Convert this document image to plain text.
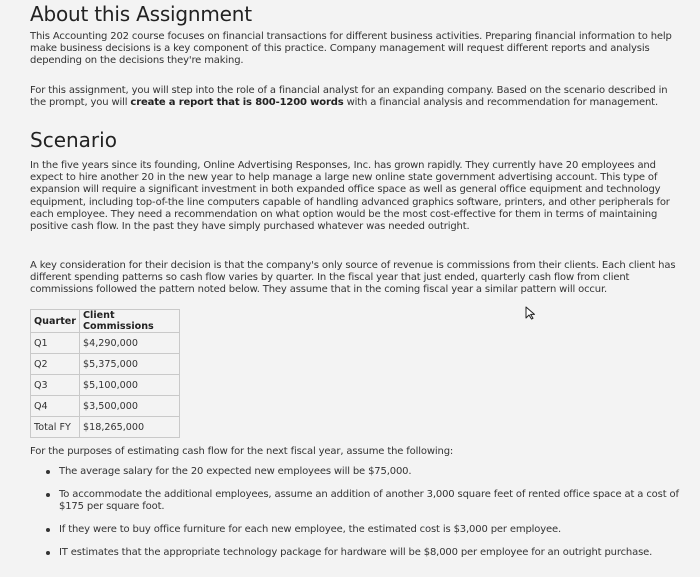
About this Assignment

This Accounting 202 course focuses on financial transactions for different business activities. Preparing financial information to help make business decisions is a key component of this practice. Company management will request different reports and analysis depending on the decisions they're making.

For this assignment, you will step into the role of a financial analyst for an expanding company. Based on the scenario described in the prompt, you will create a report that is 800-1200 words with a financial analysis and recommendation for management.

Scenario

In the five years since its founding, Online Advertising Responses, Inc. has grown rapidly. They currently have 20 employees and expect to hire another 20 in the new year to help manage a large new online state government advertising account. This type of expansion will require a significant investment in both expanded office space as well as general office equipment and technology equipment, including top-of-the line computers capable of handling advanced graphics software, printers, and other peripherals for each employee. They need a recommendation on what option would be the most cost-effective for them in terms of maintaining positive cash flow. In the past they have simply purchased whatever was needed outright.

A key consideration for their decision is that the company's only source of revenue is commissions from their clients. Each client has different spending patterns so cash flow varies by quarter. In the fiscal year that just ended, quarterly cash flow from client commissions followed the pattern noted below. They assume that in the coming fiscal year a similar pattern will occur.

Quarter	Client Commissions
Q1	$4,290,000
Q2	$5,375,000
Q3	$5,100,000
Q4	$3,500,000
Total FY	$18,265,000

For the purposes of estimating cash flow for the next fiscal year, assume the following:

The average salary for the 20 expected new employees will be $75,000.
To accommodate the additional employees, assume an addition of another 3,000 square feet of rented office space at a cost of $175 per square foot.
If they were to buy office furniture for each new employee, the estimated cost is $3,000 per employee.
IT estimates that the appropriate technology package for hardware will be $8,000 per employee for an outright purchase.
